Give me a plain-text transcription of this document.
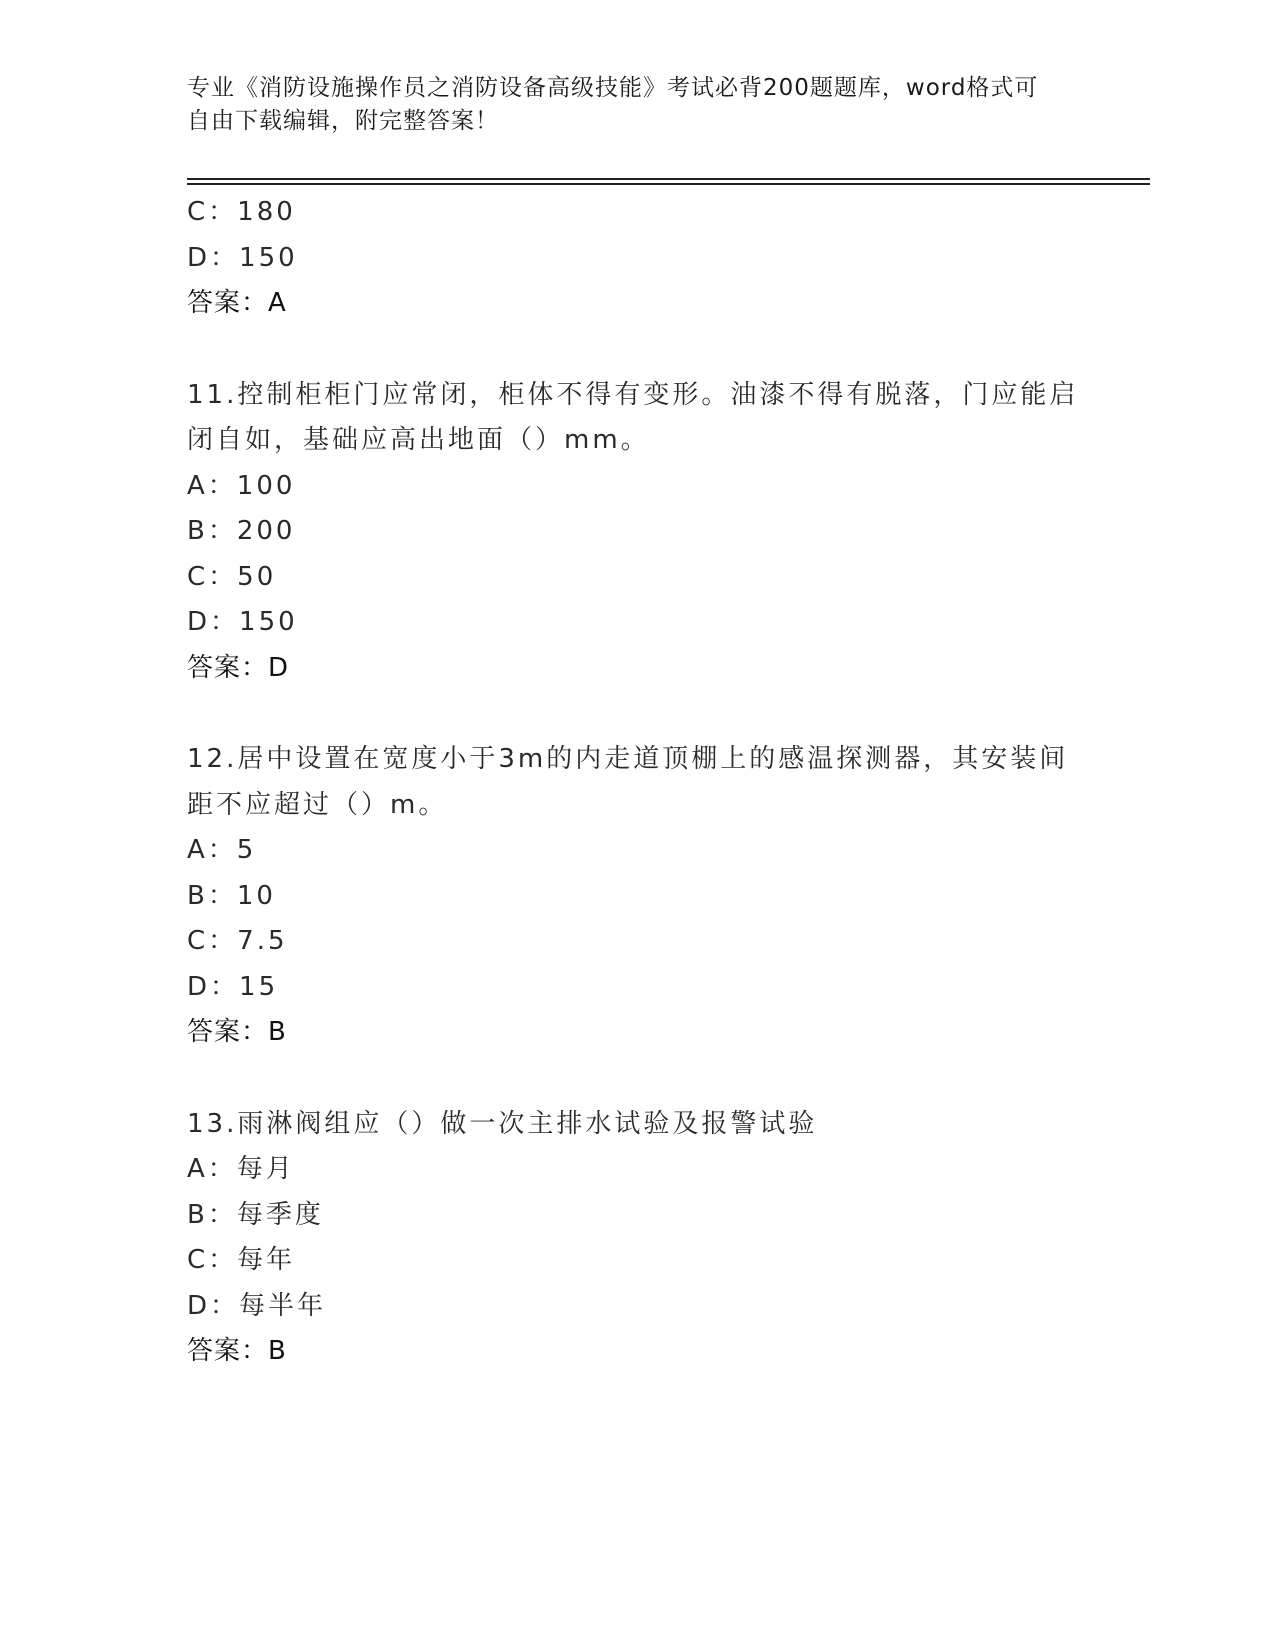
专业《消防设施操作员之消防设备高级技能》考试必背200题题库，word格式可
自由下载编辑，附完整答案！
C：180
D：150
答案：A
11.控制柜柜门应常闭，柜体不得有变形。油漆不得有脱落，门应能启
闭自如，基础应高出地面（）mm。
A：100
B：200
C：50
D：150
答案：D
12.居中设置在宽度小于3m的内走道顶棚上的感温探测器，其安装间
距不应超过（）m。
A：5
B：10
C：7.5
D：15
答案：B
13.雨淋阀组应（）做一次主排水试验及报警试验
A：每月
B：每季度
C：每年
D：每半年
答案：B
